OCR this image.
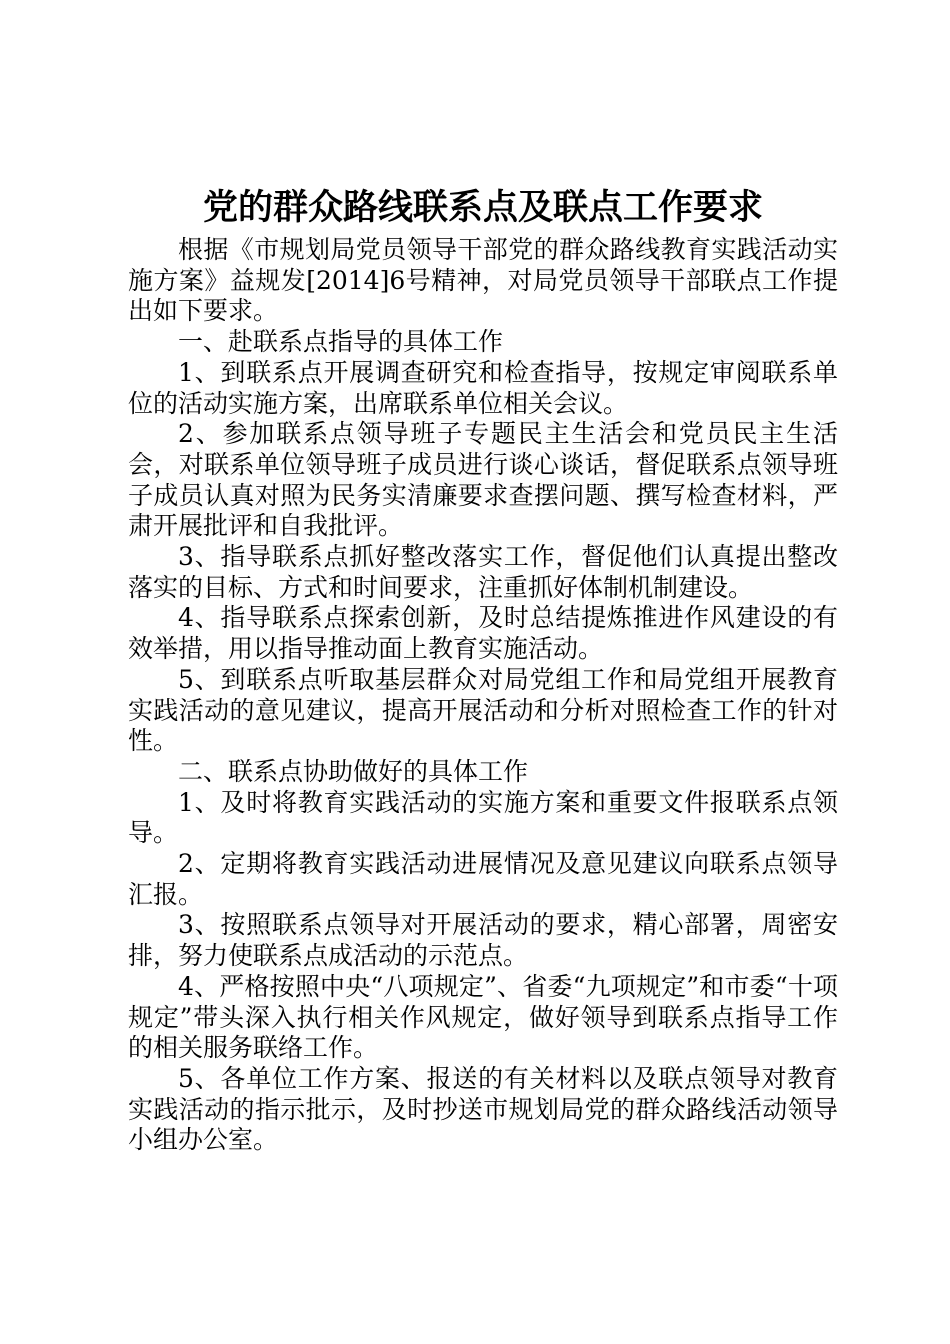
党的群众路线联系点及联点工作要求

根据《市规划局党员领导干部党的群众路线教育实践活动实施方案》益规发[2014]6号精神，对局党员领导干部联点工作提出如下要求。

一、赴联系点指导的具体工作

1、到联系点开展调查研究和检查指导，按规定审阅联系单位的活动实施方案，出席联系单位相关会议。

2、参加联系点领导班子专题民主生活会和党员民主生活会，对联系单位领导班子成员进行谈心谈话，督促联系点领导班子成员认真对照为民务实清廉要求查摆问题、撰写检查材料，严肃开展批评和自我批评。

3、指导联系点抓好整改落实工作，督促他们认真提出整改落实的目标、方式和时间要求，注重抓好体制机制建设。

4、指导联系点探索创新，及时总结提炼推进作风建设的有效举措，用以指导推动面上教育实施活动。

5、到联系点听取基层群众对局党组工作和局党组开展教育实践活动的意见建议，提高开展活动和分析对照检查工作的针对性。

二、联系点协助做好的具体工作

1、及时将教育实践活动的实施方案和重要文件报联系点领导。

2、定期将教育实践活动进展情况及意见建议向联系点领导汇报。

3、按照联系点领导对开展活动的要求，精心部署，周密安排，努力使联系点成活动的示范点。

4、严格按照中央“八项规定”、省委“九项规定”和市委“十项规定”带头深入执行相关作风规定，做好领导到联系点指导工作的相关服务联络工作。

5、各单位工作方案、报送的有关材料以及联点领导对教育实践活动的指示批示，及时抄送市规划局党的群众路线活动领导小组办公室。
